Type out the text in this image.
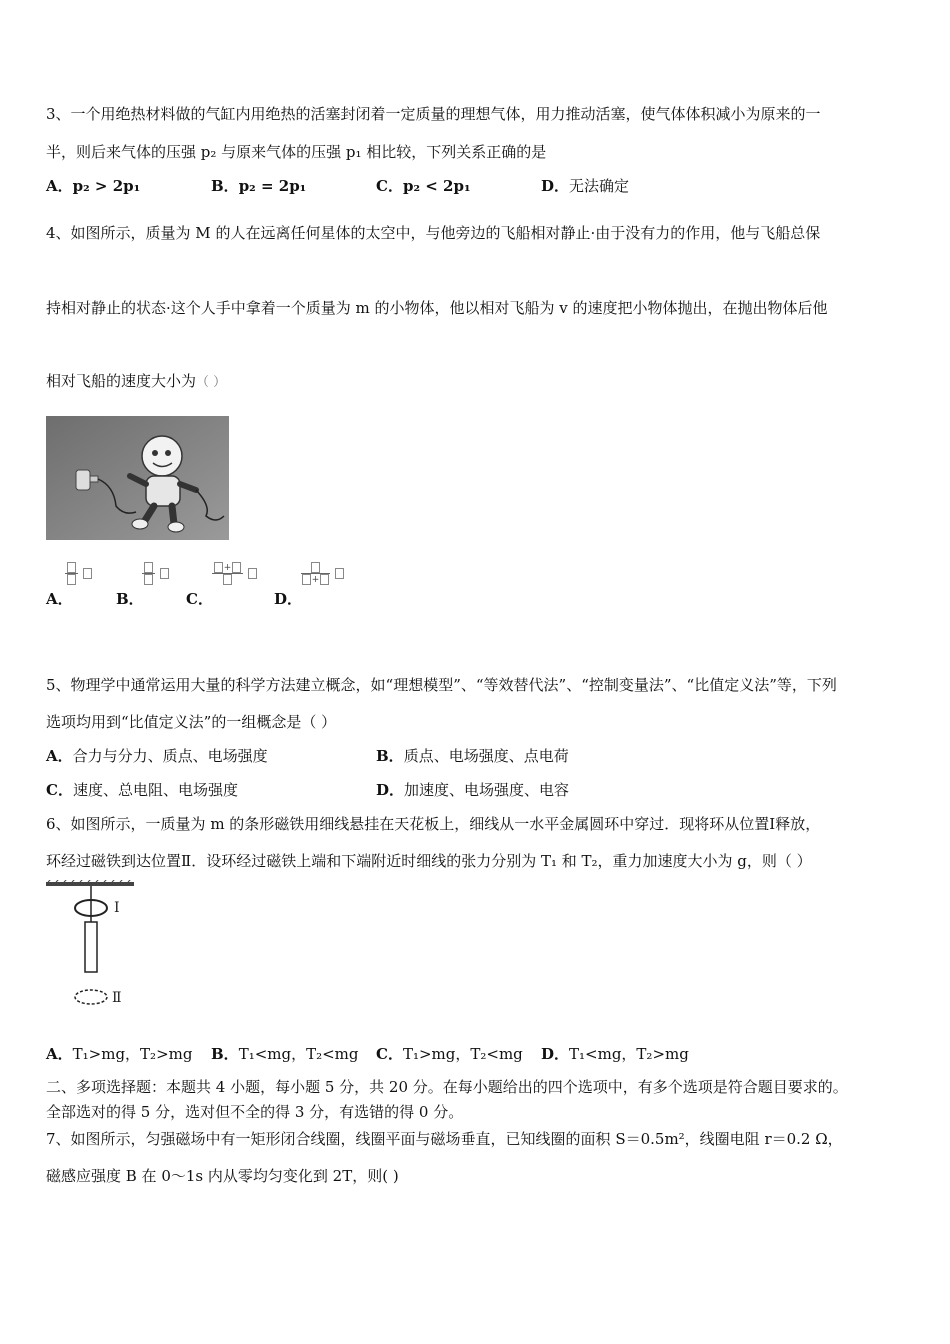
3、一个用绝热材料做的气缸内用绝热的活塞封闭着一定质量的理想气体，用力推动活塞，使气体体积减小为原来的一
半，则后来气体的压强 p₂ 与原来气体的压强 p₁ 相比较，下列关系正确的是
A．p₂ > 2p₁	B．p₂ = 2p₁	C．p₂ < 2p₁	D．无法确定
4、如图所示，质量为 M 的人在远离任何星体的太空中，与他旁边的飞船相对静止·由于没有力的作用，他与飞船总保
持相对静止的状态·这个人手中拿着一个质量为 m 的小物体，他以相对飞船为 v 的速度把小物体抛出，在抛出物体后他
相对飞船的速度大小为（ ）
A．	B．	C．
+
D．
+
5、物理学中通常运用大量的科学方法建立概念，如“理想模型”、“等效替代法”、“控制变量法”、“比值定义法”等，下列
选项均用到“比值定义法”的一组概念是（ ）
A．合力与分力、质点、电场强度	B．质点、电场强度、点电荷
C．速度、总电阻、电场强度	D．加速度、电场强度、电容
6、如图所示，一质量为 m 的条形磁铁用细线悬挂在天花板上，细线从一水平金属圆环中穿过．现将环从位置Ⅰ释放，
环经过磁铁到达位置Ⅱ．设环经过磁铁上端和下端附近时细线的张力分别为 T₁ 和 T₂，重力加速度大小为 g，则（ ）
Ⅰ
Ⅱ
A．T₁>mg，T₂>mg B．T₁<mg，T₂<mg C．T₁>mg，T₂<mg D．T₁<mg，T₂>mg
二、多项选择题：本题共 4 小题，每小题 5 分，共 20 分。在每小题给出的四个选项中，有多个选项是符合题目要求的。
全部选对的得 5 分，选对但不全的得 3 分，有选错的得 0 分。
7、如图所示，匀强磁场中有一矩形闭合线圈，线圈平面与磁场垂直，已知线圈的面积 S＝0.5m²，线圈电阻 r＝0.2 Ω，
磁感应强度 B 在 0～1s 内从零均匀变化到 2T，则( )
